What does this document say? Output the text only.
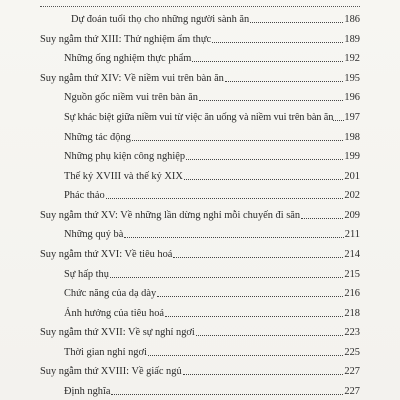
Dự đoán tuổi thọ cho những người sành ăn	186
Suy ngẫm thứ XIII: Thử nghiệm ẩm thực	189
Những ống nghiệm thực phẩm	192
Suy ngẫm thứ XIV: Về niềm vui trên bàn ăn	195
Nguồn gốc niềm vui trên bàn ăn	196
Sự khác biệt giữa niềm vui từ việc ăn uống và niềm vui trên bàn ăn 197
Những tác động	198
Những phụ kiện công nghiệp	199
Thế kỷ XVIII và thế kỷ XIX	201
Phác thảo	202
Suy ngẫm thứ XV: Về những lần dừng nghỉ mỗi chuyến đi săn	209
Những quý bà	211
Suy ngẫm thứ XVI: Về tiêu hoá	214
Sự hấp thụ	215
Chức năng của dạ dày	216
Ảnh hưởng của tiêu hoá	218
Suy ngẫm thứ XVII: Về sự nghỉ ngơi	223
Thời gian nghỉ ngơi	225
Suy ngẫm thứ XVIII: Về giấc ngủ	227
Định nghĩa	227
